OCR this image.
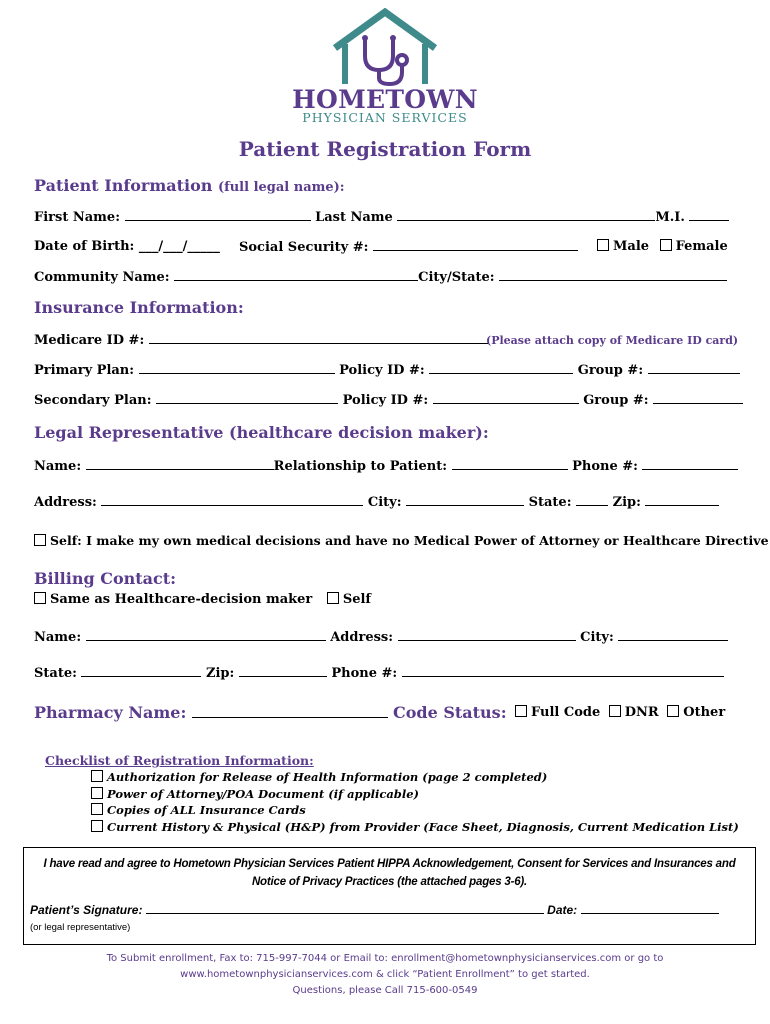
HOMETOWN
PHYSICIAN SERVICES
Patient Registration Form
Patient Information (full legal name):
First Name:	Last Name	M.I.
Date of Birth: ___/___/_____ Social Security #:	Male Female
Community Name:	City/State:
Insurance Information:
Medicare ID #:	(Please attach copy of Medicare ID card)
Primary Plan:	Policy ID #:	Group #:
Secondary Plan:	Policy ID #:	Group #:
Legal Representative (healthcare decision maker):
Name:	Relationship to Patient:	Phone #:
Address:	City:	State:	Zip:
Self: I make my own medical decisions and have no Medical Power of Attorney or Healthcare Directive
Billing Contact:
Same as Healthcare-decision maker Self
Name:	Address:	City:
State:	Zip:	Phone #:
Pharmacy Name:	Code Status:	Full Code DNR Other
Checklist of Registration Information:
Authorization for Release of Health Information (page 2 completed)
Power of Attorney/POA Document (if applicable)
Copies of ALL Insurance Cards
Current History & Physical (H&P) from Provider (Face Sheet, Diagnosis, Current Medication List)
I have read and agree to Hometown Physician Services Patient HIPPA Acknowledgement, Consent for Services and Insurances and
Notice of Privacy Practices (the attached pages 3-6).
Patient’s Signature:	Date:
(or legal representative)
To Submit enrollment, Fax to: 715-997-7044 or Email to: enrollment@hometownphysicianservices.com or go to
www.hometownphysicianservices.com & click “Patient Enrollment” to get started.
Questions, please Call 715-600-0549
